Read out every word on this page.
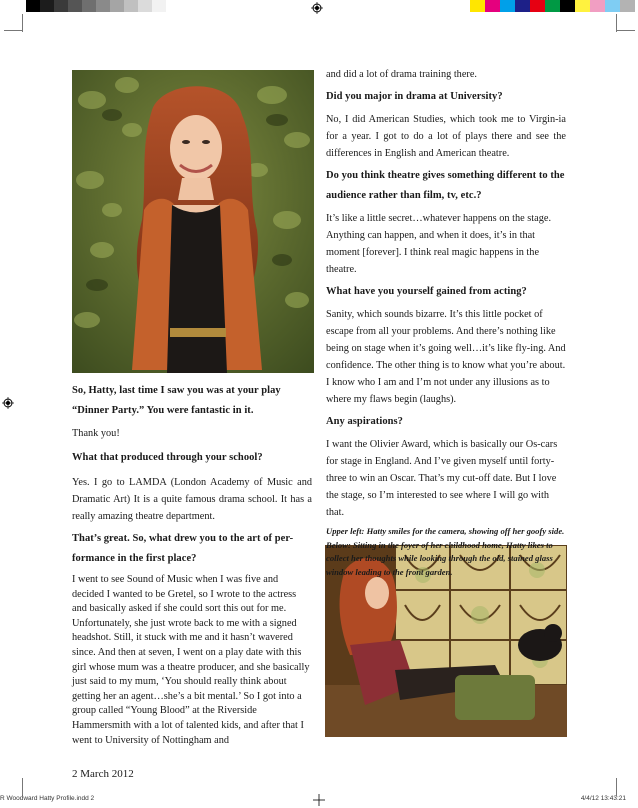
So, Hatty, last time I saw you was at your play “Dinner Party.” You were fantastic in it.

Thank you!

What that produced through your school?

Yes. I go to LAMDA (London Academy of Music and Dramatic Art) It is a quite famous drama school. It has a really amazing theatre department.

That’s great. So, what drew you to the art of per-formance in the first place?

I went to see Sound of Music when I was five and decided I wanted to be Gretel, so I wrote to the actress and basically asked if she could sort this out for me. Unfortunately, she just wrote back to me with a signed headshot. Still, it stuck with me and it hasn’t wavered since. And then at seven, I went on a play date with this girl whose mum was a theatre producer, and she basically just said to my mum, ‘You should really think about getting her an agent…she’s a bit mental.’ So I got into a group called “Young Blood” at the Riverside Hammersmith with a lot of talented kids, and after that I went to University of Nottingham and

and did a lot of drama training there.

Did you major in drama at University?

No, I did American Studies, which took me to Virgin-ia for a year. I got to do a lot of plays there and see the differences in English and American theatre.

Do you think theatre gives something different to the audience rather than film, tv, etc.?

It’s like a little secret…whatever happens on the stage. Anything can happen, and when it does, it’s in that moment [forever]. I think real magic happens in the theatre.

What have you yourself gained from acting?

Sanity, which sounds bizarre. It’s this little pocket of escape from all your problems. And there’s nothing like being on stage when it’s going well…it’s like fly-ing. And confidence. The other thing is to know what you’re about. I know who I am and I’m not under any illusions as to where my flaws begin (laughs).

Any aspirations?

I want the Olivier Award, which is basically our Os-cars for stage in England. And I’ve given myself until forty-three to win an Oscar. That’s my cut-off date. But I love the stage, so I’m interested to see where I will go with that.

Upper left: Hatty smiles for the camera, showing off her goofy side. Below: Sitting in the foyer of her childhood home, Hatty likes to collect her thoughts while looking through the old, stained glass window leading to the front garden.

2 March 2012
R Woodward Hatty Profile.indd 2	4/4/12 13:43:21
